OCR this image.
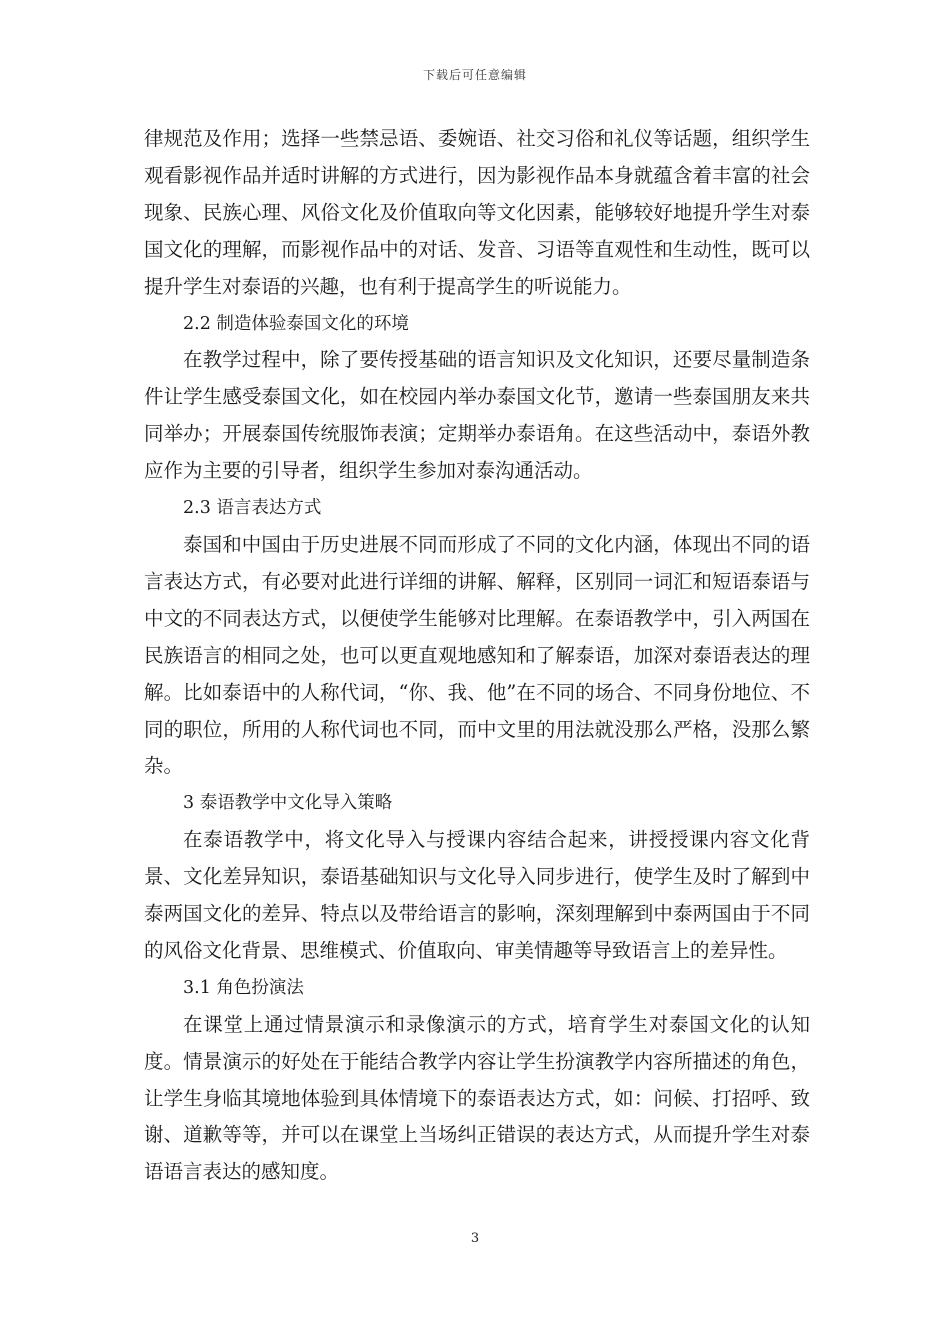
下载后可任意编辑

律规范及作用；选择一些禁忌语、委婉语、社交习俗和礼仪等话题，组织学生观看影视作品并适时讲解的方式进行，因为影视作品本身就蕴含着丰富的社会现象、民族心理、风俗文化及价值取向等文化因素，能够较好地提升学生对泰国文化的理解，而影视作品中的对话、发音、习语等直观性和生动性，既可以提升学生对泰语的兴趣，也有利于提高学生的听说能力。

2.2 制造体验泰国文化的环境

在教学过程中，除了要传授基础的语言知识及文化知识，还要尽量制造条件让学生感受泰国文化，如在校园内举办泰国文化节，邀请一些泰国朋友来共同举办；开展泰国传统服饰表演；定期举办泰语角。在这些活动中，泰语外教应作为主要的引导者，组织学生参加对泰沟通活动。

2.3 语言表达方式

泰国和中国由于历史进展不同而形成了不同的文化内涵，体现出不同的语言表达方式，有必要对此进行详细的讲解、解释，区别同一词汇和短语泰语与中文的不同表达方式，以便使学生能够对比理解。在泰语教学中，引入两国在民族语言的相同之处，也可以更直观地感知和了解泰语，加深对泰语表达的理解。比如泰语中的人称代词，“你、我、他”在不同的场合、不同身份地位、不同的职位，所用的人称代词也不同，而中文里的用法就没那么严格，没那么繁杂。

3 泰语教学中文化导入策略

在泰语教学中，将文化导入与授课内容结合起来，讲授授课内容文化背景、文化差异知识，泰语基础知识与文化导入同步进行，使学生及时了解到中泰两国文化的差异、特点以及带给语言的影响，深刻理解到中泰两国由于不同的风俗文化背景、思维模式、价值取向、审美情趣等导致语言上的差异性。

3.1 角色扮演法

在课堂上通过情景演示和录像演示的方式，培育学生对泰国文化的认知度。情景演示的好处在于能结合教学内容让学生扮演教学内容所描述的角色，让学生身临其境地体验到具体情境下的泰语表达方式，如：问候、打招呼、致谢、道歉等等，并可以在课堂上当场纠正错误的表达方式，从而提升学生对泰语语言表达的感知度。

3
